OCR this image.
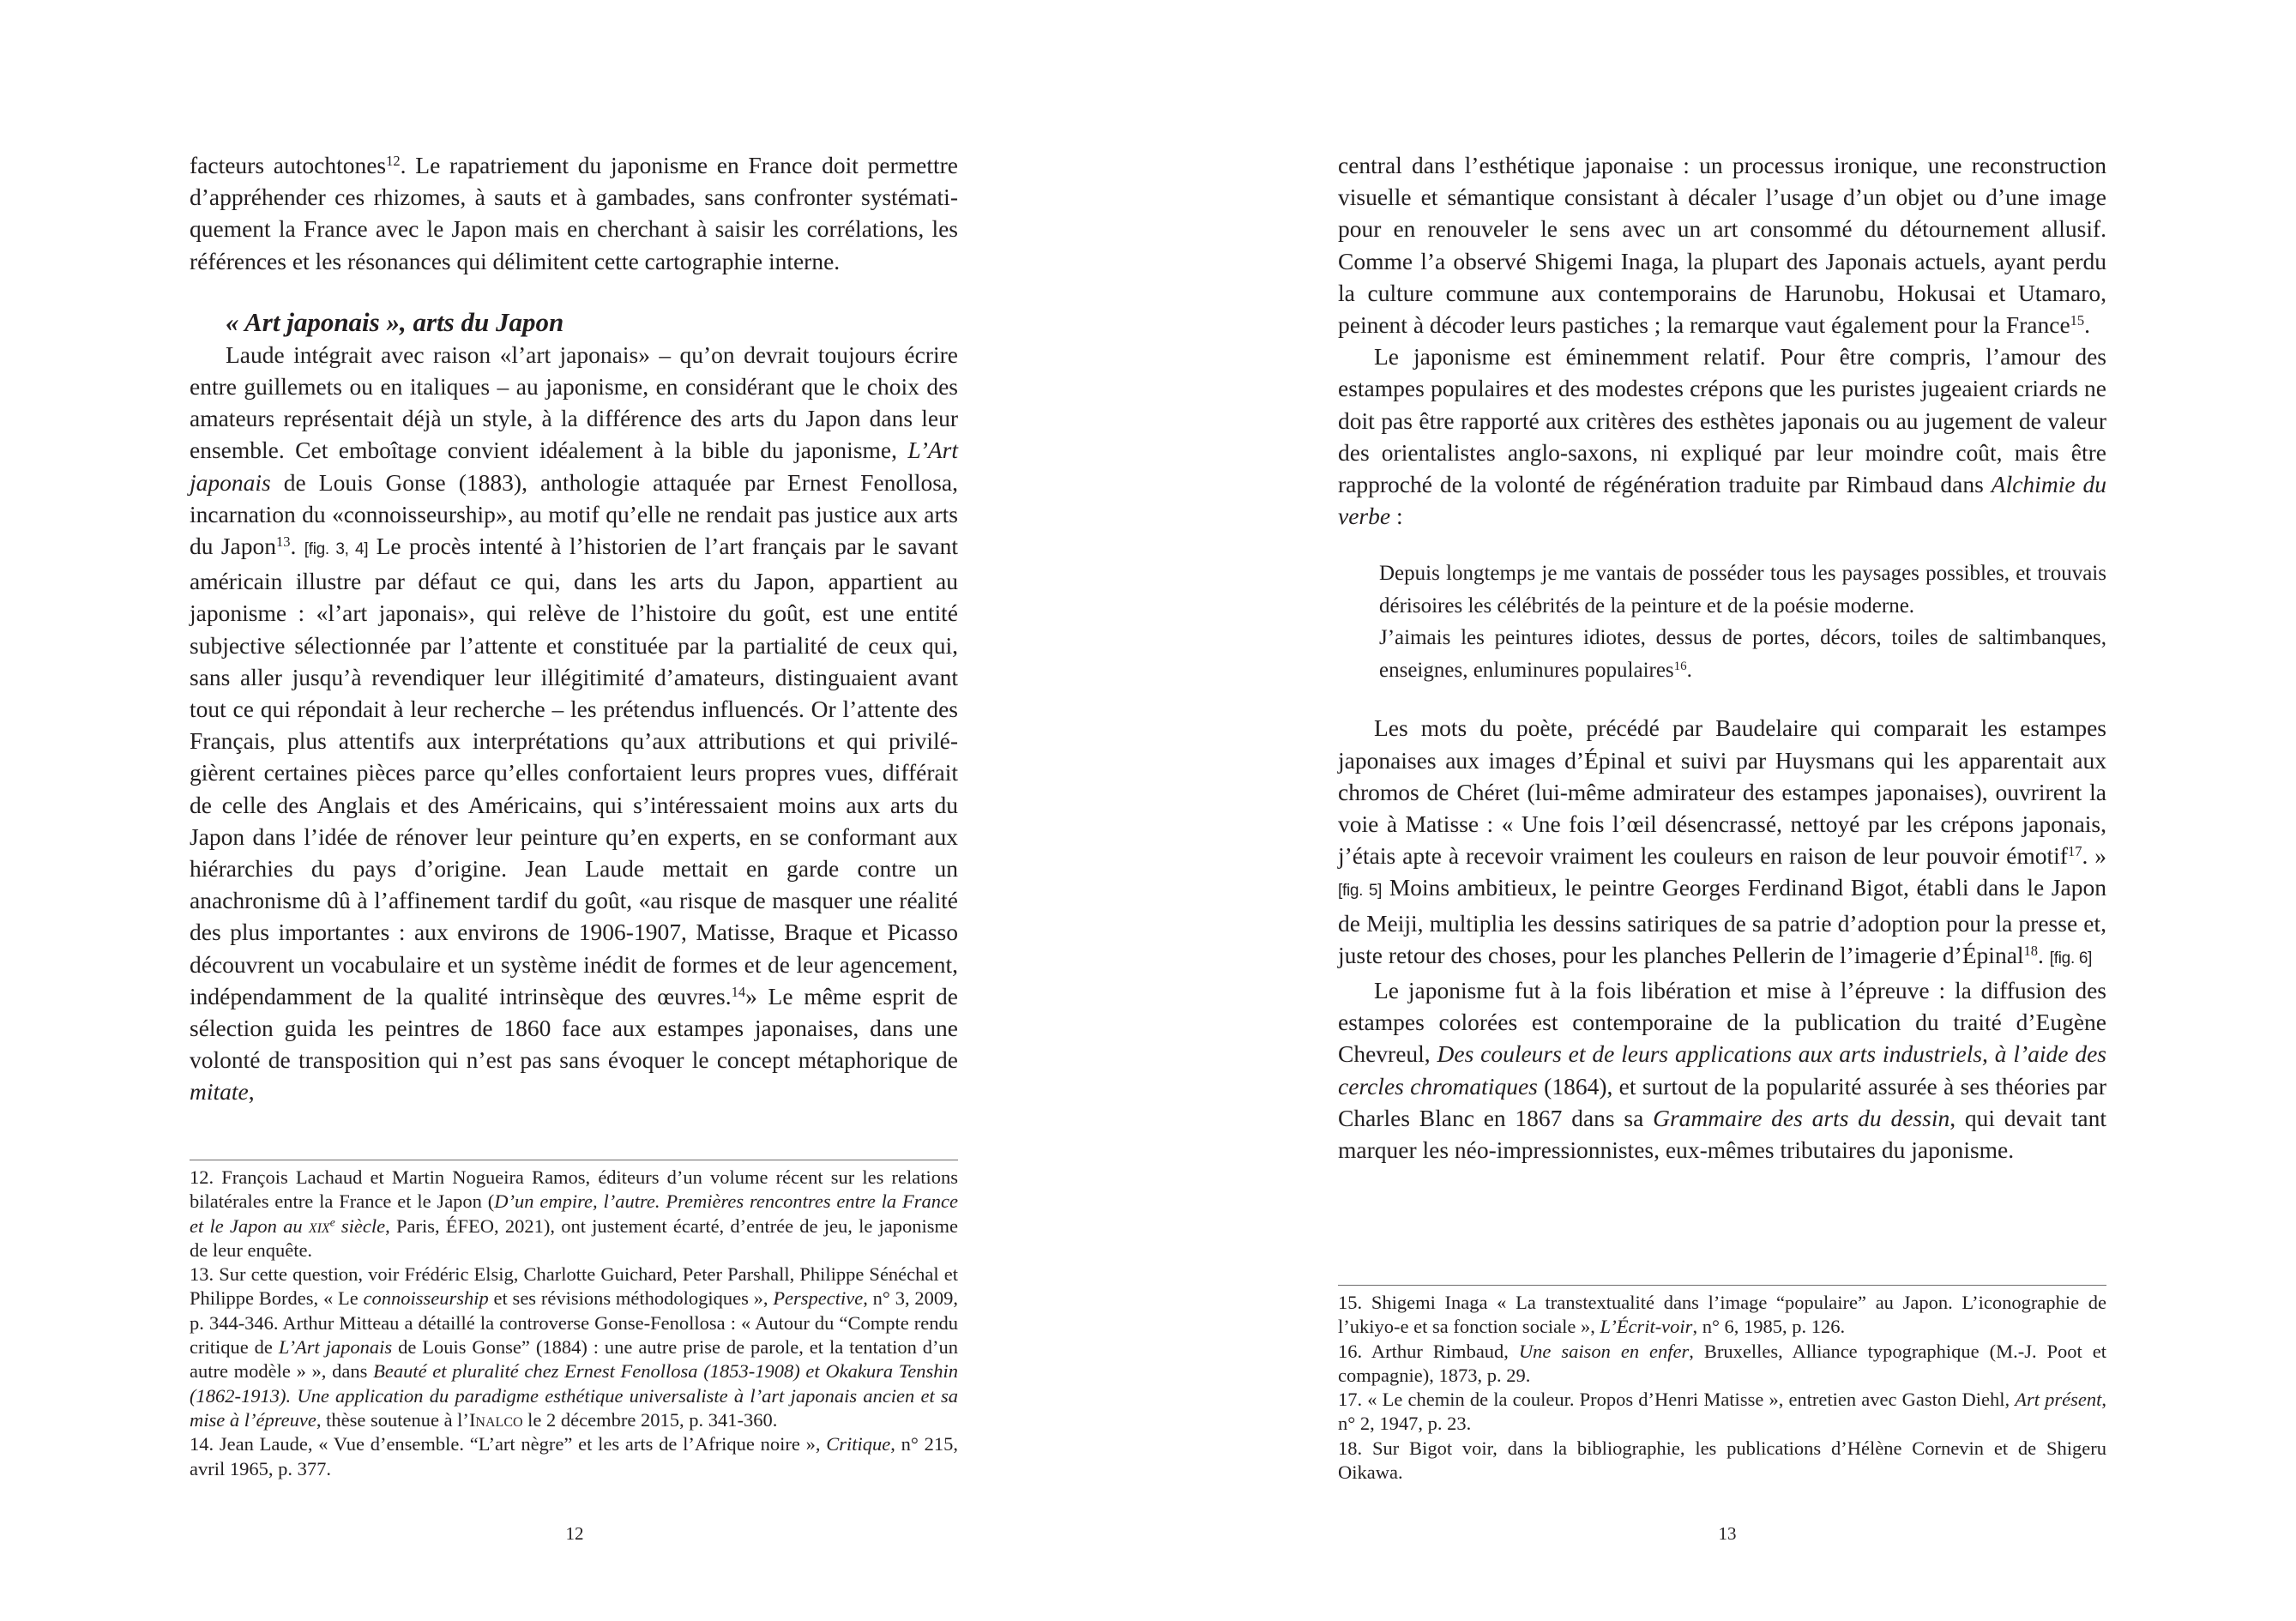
facteurs autochtones$^{12}$. Le rapatriement du japonisme en France doit permettre d’appréhender ces rhizomes, à sauts et à gambades, sans confronter systématiquement la France avec le Japon mais en cherchant à saisir les corrélations, les références et les résonances qui délimitent cette cartographie interne.

« Art japonais », arts du Japon

Laude intégrait avec raison «l’art japonais» – qu’on devrait toujours écrire entre guillemets ou en italiques – au japonisme, en considérant que le choix des amateurs représentait déjà un style, à la différence des arts du Japon dans leur ensemble. Cet emboîtage convient idéalement à la bible du japonisme, L’Art japonais de Louis Gonse (1883), anthologie attaquée par Ernest Fenollosa, incarnation du «connoisseurship», au motif qu’elle ne rendait pas justice aux arts du Japon$^{13}$. [fig. 3, 4] Le procès intenté à l’historien de l’art français par le savant américain illustre par défaut ce qui, dans les arts du Japon, appartient au japonisme : «l’art japonais», qui relève de l’histoire du goût, est une entité subjective sélectionnée par l’attente et constituée par la partialité de ceux qui, sans aller jusqu’à revendiquer leur illégitimité d’amateurs, distinguaient avant tout ce qui répondait à leur recherche – les prétendus influencés. Or l’attente des Français, plus attentifs aux interprétations qu’aux attributions et qui privilégièrent certaines pièces parce qu’elles confortaient leurs propres vues, différait de celle des Anglais et des Américains, qui s’intéressaient moins aux arts du Japon dans l’idée de rénover leur peinture qu’en experts, en se conformant aux hiérarchies du pays d’origine. Jean Laude mettait en garde contre un anachronisme dû à l’affinement tardif du goût, «au risque de masquer une réalité des plus importantes : aux environs de 1906-1907, Matisse, Braque et Picasso découvrent un vocabulaire et un système inédit de formes et de leur agencement, indépendamment de la qualité intrinsèque des œuvres.$^{14}$» Le même esprit de sélection guida les peintres de 1860 face aux estampes japonaises, dans une volonté de transposition qui n’est pas sans évoquer le concept métaphorique de mitate,

12. François Lachaud et Martin Nogueira Ramos, éditeurs d’un volume récent sur les relations bilatérales entre la France et le Japon (D’un empire, l’autre. Premières rencontres entre la France et le Japon au xix$^e$ siècle, Paris, ÉFEO, 2021), ont justement écarté, d’entrée de jeu, le japonisme de leur enquête.

13. Sur cette question, voir Frédéric Elsig, Charlotte Guichard, Peter Parshall, Philippe Sénéchal et Philippe Bordes, « Le connoisseurship et ses révisions méthodologiques », Perspective, n° 3, 2009, p. 344-346. Arthur Mitteau a détaillé la controverse Gonse-Fenollosa : « Autour du “Compte rendu critique de L’Art japonais de Louis Gonse” (1884) : une autre prise de parole, et la tentation d’un autre modèle » », dans Beauté et pluralité chez Ernest Fenollosa (1853-1908) et Okakura Tenshin (1862-1913). Une application du paradigme esthétique universaliste à l’art japonais ancien et sa mise à l’épreuve, thèse soutenue à l’Inalco le 2 décembre 2015, p. 341-360.

14. Jean Laude, « Vue d’ensemble. “L’art nègre” et les arts de l’Afrique noire », Critique, n° 215, avril 1965, p. 377.

12

central dans l’esthétique japonaise : un processus ironique, une reconstruction visuelle et sémantique consistant à décaler l’usage d’un objet ou d’une image pour en renouveler le sens avec un art consommé du détournement allusif. Comme l’a observé Shigemi Inaga, la plupart des Japonais actuels, ayant perdu la culture commune aux contemporains de Harunobu, Hokusai et Utamaro, peinent à décoder leurs pastiches ; la remarque vaut également pour la France$^{15}$.

Le japonisme est éminemment relatif. Pour être compris, l’amour des estampes populaires et des modestes crépons que les puristes jugeaient criards ne doit pas être rapporté aux critères des esthètes japonais ou au jugement de valeur des orientalistes anglo-saxons, ni expliqué par leur moindre coût, mais être rapproché de la volonté de régénération traduite par Rimbaud dans Alchimie du verbe :

Depuis longtemps je me vantais de posséder tous les paysages possibles, et trouvais dérisoires les célébrités de la peinture et de la poésie moderne.

J’aimais les peintures idiotes, dessus de portes, décors, toiles de saltimbanques, enseignes, enluminures populaires$^{16}$.

Les mots du poète, précédé par Baudelaire qui comparait les estampes japonaises aux images d’Épinal et suivi par Huysmans qui les apparentait aux chromos de Chéret (lui-même admirateur des estampes japonaises), ouvrirent la voie à Matisse : « Une fois l’œil désencrassé, nettoyé par les crépons japonais, j’étais apte à recevoir vraiment les couleurs en raison de leur pouvoir émotif$^{17}$. » [fig. 5] Moins ambitieux, le peintre Georges Ferdinand Bigot, établi dans le Japon de Meiji, multiplia les dessins satiriques de sa patrie d’adoption pour la presse et, juste retour des choses, pour les planches Pellerin de l’imagerie d’Épinal$^{18}$. [fig. 6]

Le japonisme fut à la fois libération et mise à l’épreuve : la diffusion des estampes colorées est contemporaine de la publication du traité d’Eugène Chevreul, Des couleurs et de leurs applications aux arts industriels, à l’aide des cercles chromatiques (1864), et surtout de la popularité assurée à ses théories par Charles Blanc en 1867 dans sa Grammaire des arts du dessin, qui devait tant marquer les néo-impressionnistes, eux-mêmes tributaires du japonisme.

15. Shigemi Inaga « La transtextualité dans l’image “populaire” au Japon. L’iconographie de l’ukiyo-e et sa fonction sociale », L’Écrit-voir, n° 6, 1985, p. 126.

16. Arthur Rimbaud, Une saison en enfer, Bruxelles, Alliance typographique (M.-J. Poot et compagnie), 1873, p. 29.

17. « Le chemin de la couleur. Propos d’Henri Matisse », entretien avec Gaston Diehl, Art présent, n° 2, 1947, p. 23.

18. Sur Bigot voir, dans la bibliographie, les publications d’Hélène Cornevin et de Shigeru Oikawa.

13
